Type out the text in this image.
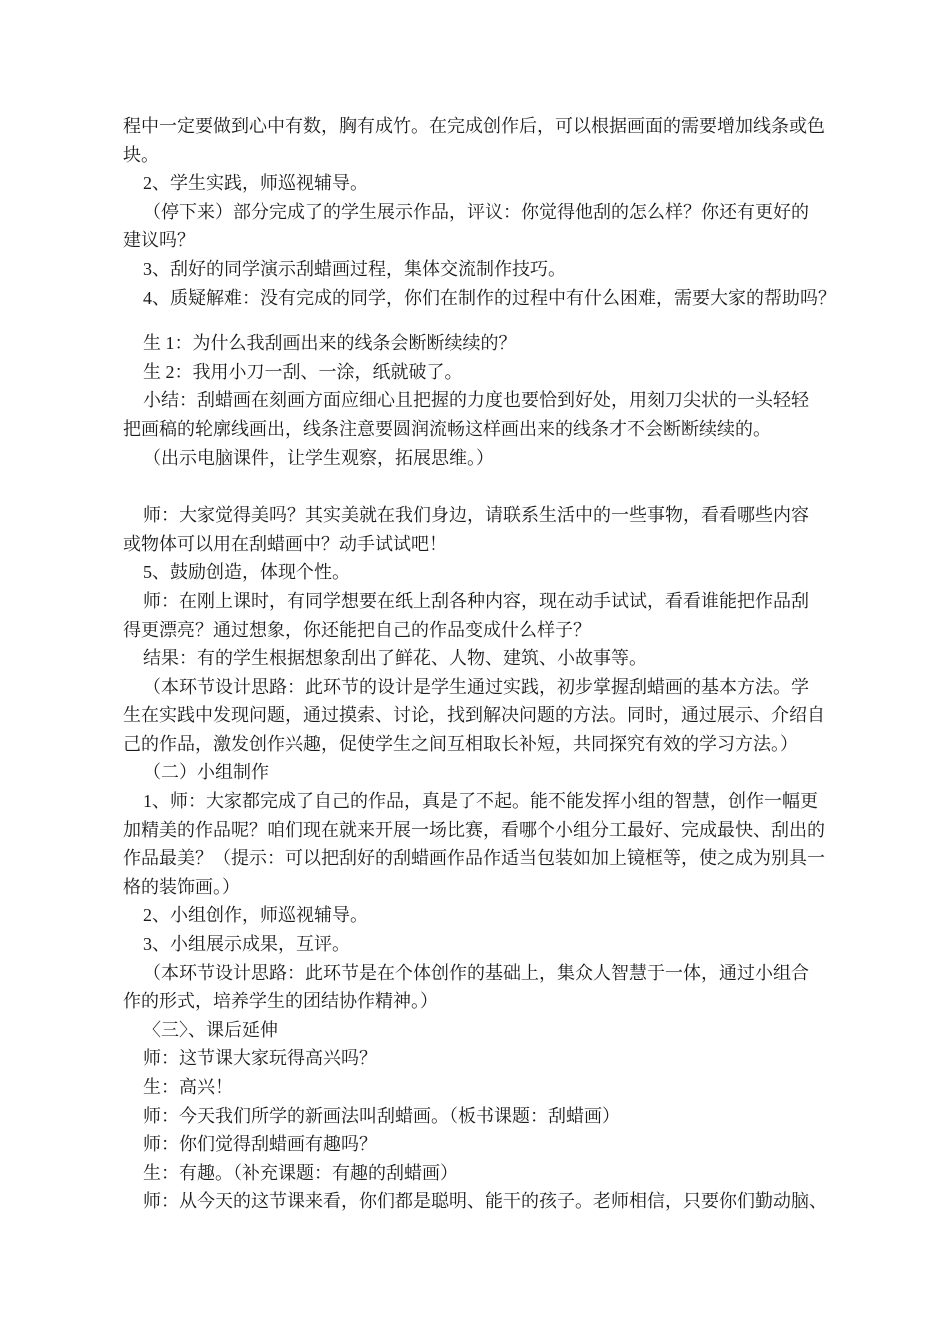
程中一定要做到心中有数，胸有成竹。在完成创作后，可以根据画面的需要增加线条或色
块。
2、学生实践，师巡视辅导。
（停下来）部分完成了的学生展示作品，评议：你觉得他刮的怎么样？你还有更好的
建议吗？
3、刮好的同学演示刮蜡画过程，集体交流制作技巧。
4、质疑解难：没有完成的同学，你们在制作的过程中有什么困难，需要大家的帮助吗？
生 1：为什么我刮画出来的线条会断断续续的？
生 2：我用小刀一刮、一涂，纸就破了。
小结：刮蜡画在刻画方面应细心且把握的力度也要恰到好处，用刻刀尖状的一头轻轻
把画稿的轮廓线画出，线条注意要圆润流畅这样画出来的线条才不会断断续续的。
（出示电脑课件，让学生观察，拓展思维。）
师：大家觉得美吗？其实美就在我们身边，请联系生活中的一些事物，看看哪些内容
或物体可以用在刮蜡画中？动手试试吧！
5、鼓励创造，体现个性。
师：在刚上课时，有同学想要在纸上刮各种内容，现在动手试试，看看谁能把作品刮
得更漂亮？通过想象，你还能把自己的作品变成什么样子？
结果：有的学生根据想象刮出了鲜花、人物、建筑、小故事等。
（本环节设计思路：此环节的设计是学生通过实践，初步掌握刮蜡画的基本方法。学
生在实践中发现问题，通过摸索、讨论，找到解决问题的方法。同时，通过展示、介绍自
己的作品，激发创作兴趣，促使学生之间互相取长补短，共同探究有效的学习方法。）
（二）小组制作
1、师：大家都完成了自己的作品，真是了不起。能不能发挥小组的智慧，创作一幅更
加精美的作品呢？咱们现在就来开展一场比赛，看哪个小组分工最好、完成最快、刮出的
作品最美？（提示：可以把刮好的刮蜡画作品作适当包装如加上镜框等，使之成为别具一
格的装饰画。）
2、小组创作，师巡视辅导。
3、小组展示成果，互评。
（本环节设计思路：此环节是在个体创作的基础上，集众人智慧于一体，通过小组合
作的形式，培养学生的团结协作精神。）
〈三〉、课后延伸
师：这节课大家玩得高兴吗？
生：高兴！
师：今天我们所学的新画法叫刮蜡画。（板书课题：刮蜡画）
师：你们觉得刮蜡画有趣吗？
生：有趣。（补充课题：有趣的刮蜡画）
师：从今天的这节课来看，你们都是聪明、能干的孩子。老师相信，只要你们勤动脑、
